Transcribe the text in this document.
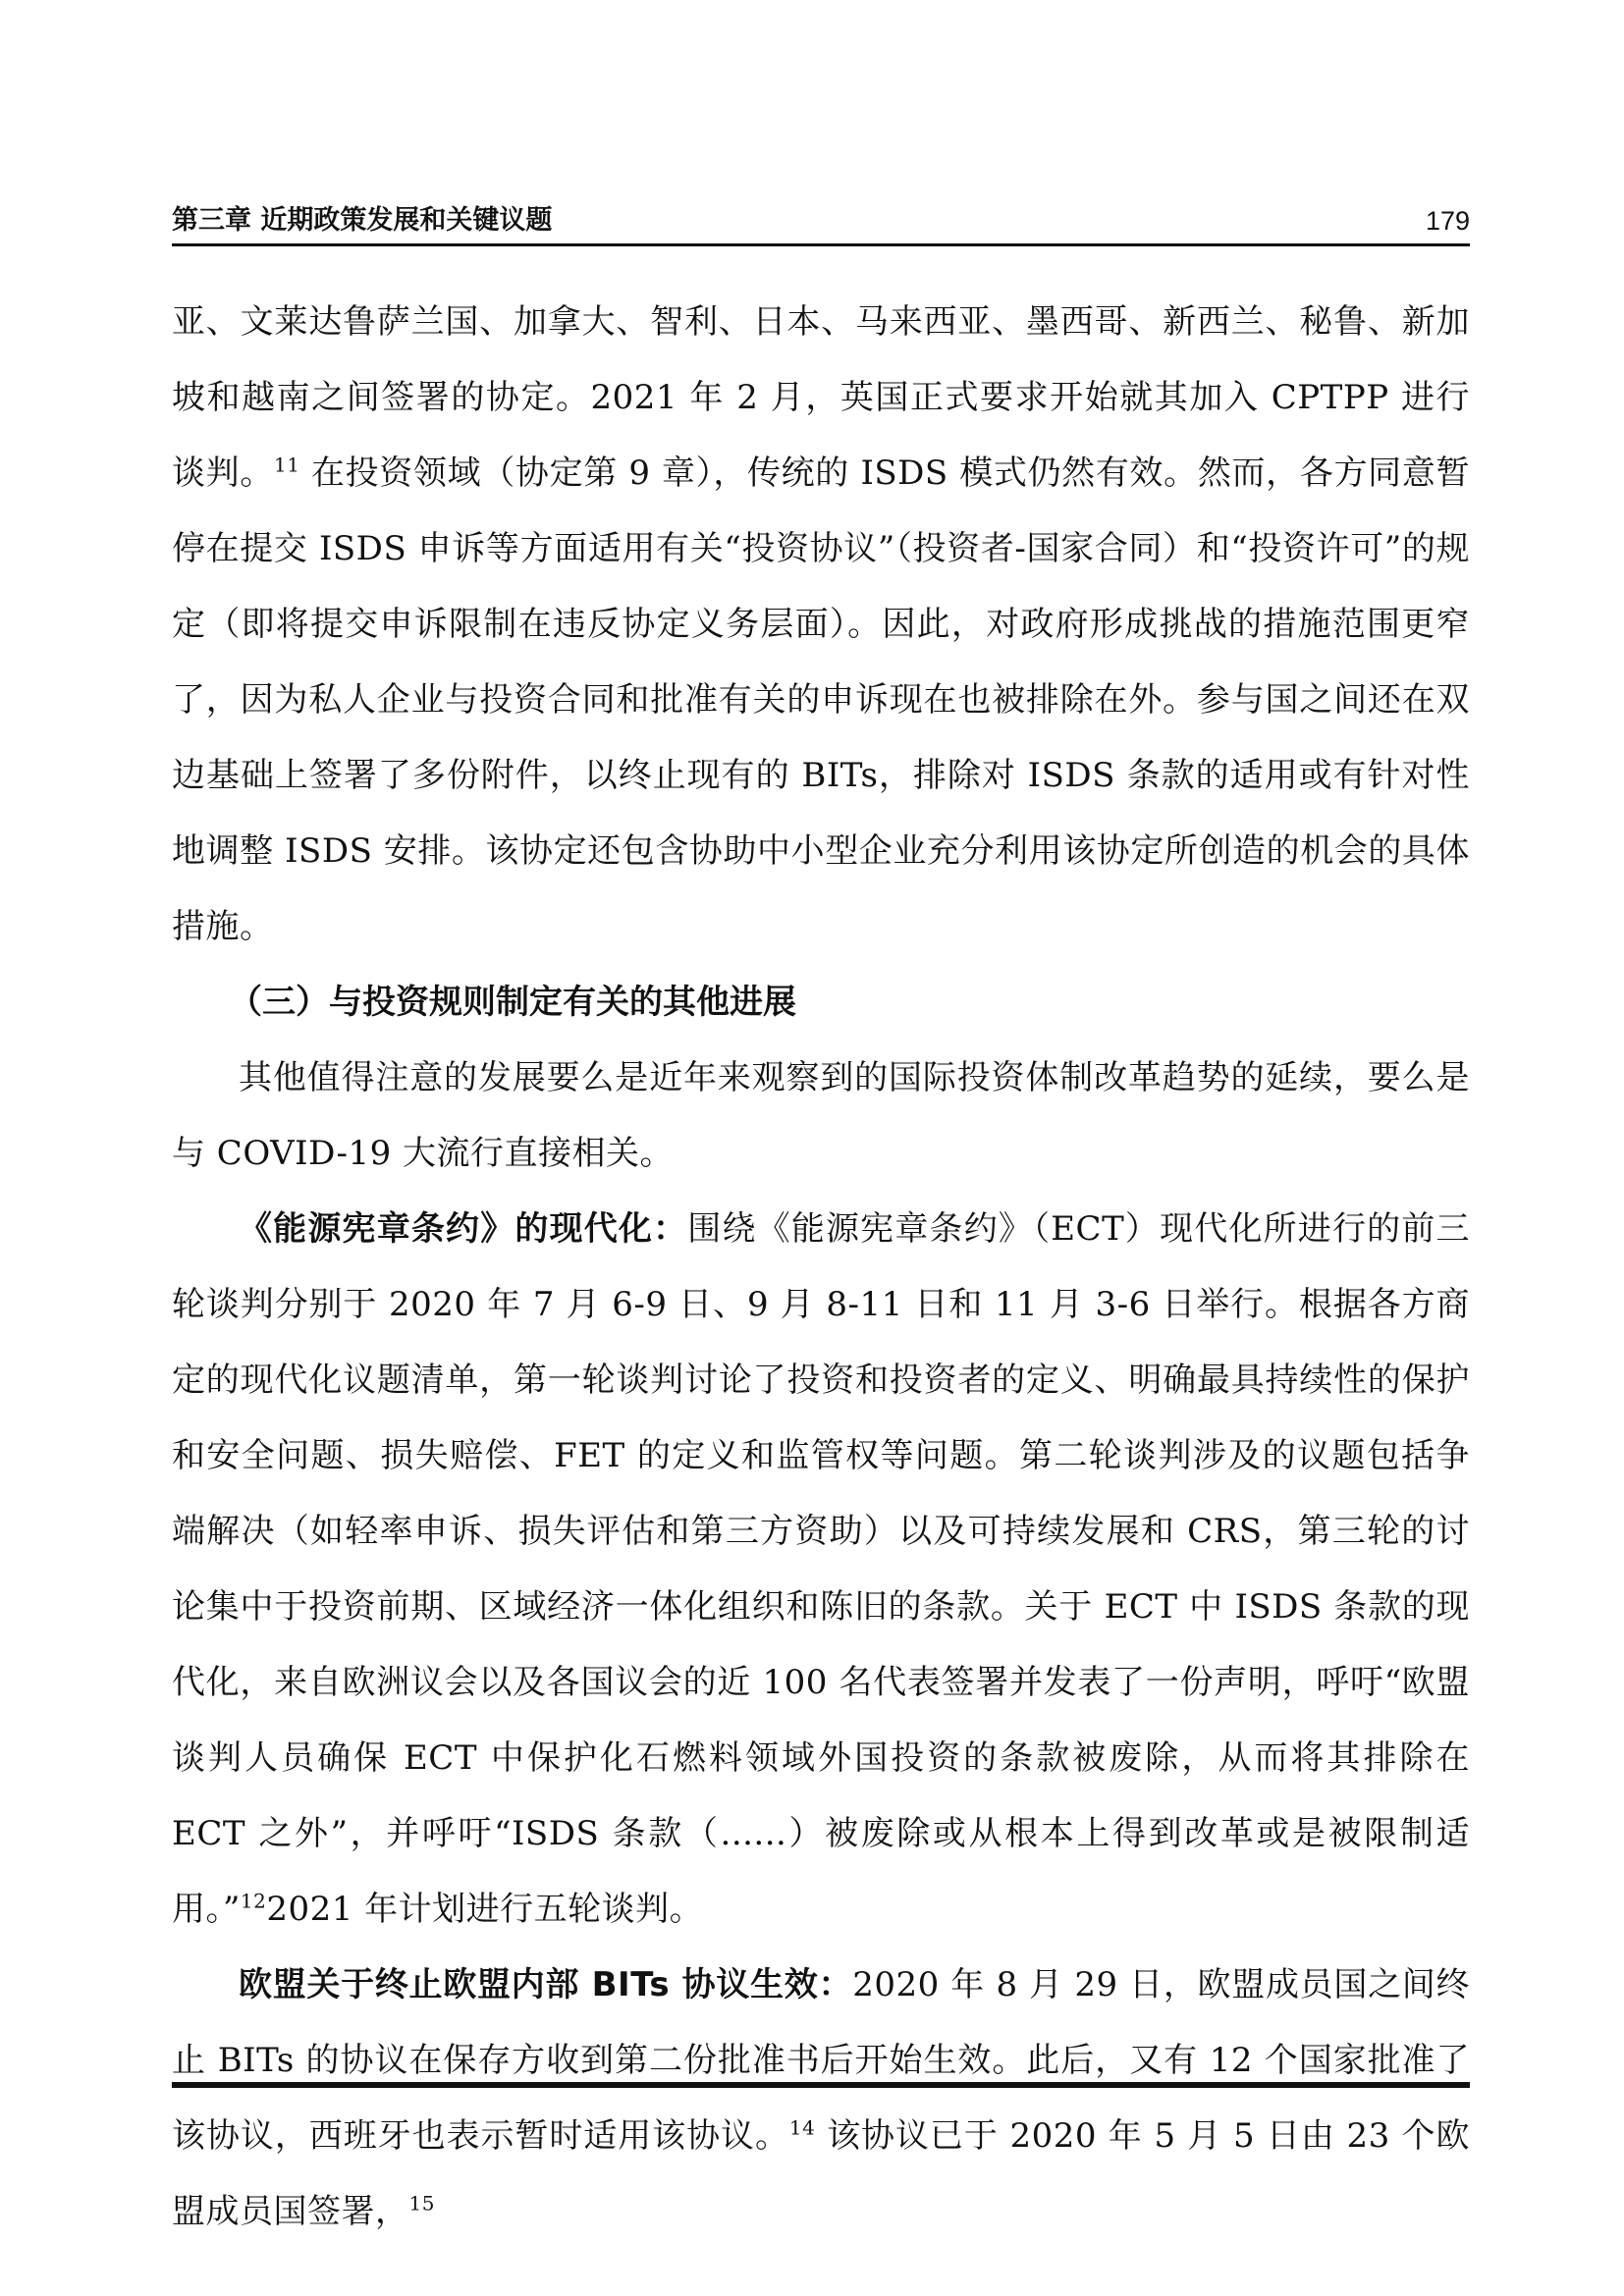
第三章 近期政策发展和关键议题	179

亚、文莱达鲁萨兰国、加拿大、智利、日本、马来西亚、墨西哥、新西兰、秘鲁、新加坡和越南之间签署的协定。2021 年 2 月，英国正式要求开始就其加入 CPTPP 进行谈判。$^{11}$ 在投资领域（协定第 9 章），传统的 ISDS 模式仍然有效。然而，各方同意暂停在提交 ISDS 申诉等方面适用有关“投资协议”（投资者-国家合同）和“投资许可”的规定（即将提交申诉限制在违反协定义务层面）。因此，对政府形成挑战的措施范围更窄了，因为私人企业与投资合同和批准有关的申诉现在也被排除在外。参与国之间还在双边基础上签署了多份附件，以终止现有的 BITs，排除对 ISDS 条款的适用或有针对性地调整 ISDS 安排。该协定还包含协助中小型企业充分利用该协定所创造的机会的具体措施。

（三）与投资规则制定有关的其他进展

其他值得注意的发展要么是近年来观察到的国际投资体制改革趋势的延续，要么是与 COVID-19 大流行直接相关。

《能源宪章条约》的现代化：围绕《能源宪章条约》（ECT）现代化所进行的前三轮谈判分别于 2020 年 7 月 6-9 日、9 月 8-11 日和 11 月 3-6 日举行。根据各方商定的现代化议题清单，第一轮谈判讨论了投资和投资者的定义、明确最具持续性的保护和安全问题、损失赔偿、FET 的定义和监管权等问题。第二轮谈判涉及的议题包括争端解决（如轻率申诉、损失评估和第三方资助）以及可持续发展和 CRS，第三轮的讨论集中于投资前期、区域经济一体化组织和陈旧的条款。关于 ECT 中 ISDS 条款的现代化，来自欧洲议会以及各国议会的近 100 名代表签署并发表了一份声明，呼吁“欧盟谈判人员确保 ECT 中保护化石燃料领域外国投资的条款被废除，从而将其排除在 ECT 之外”，并呼吁“ISDS 条款（......）被废除或从根本上得到改革或是被限制适用。”$^{12}$2021 年计划进行五轮谈判。

欧盟关于终止欧盟内部 BITs 协议生效：2020 年 8 月 29 日，欧盟成员国之间终止 BITs 的协议在保存方收到第二份批准书后开始生效。此后，又有 12 个国家批准了该协议，西班牙也表示暂时适用该协议。$^{14}$ 该协议已于 2020 年 5 月 5 日由 23 个欧盟成员国签署，$^{15}$
